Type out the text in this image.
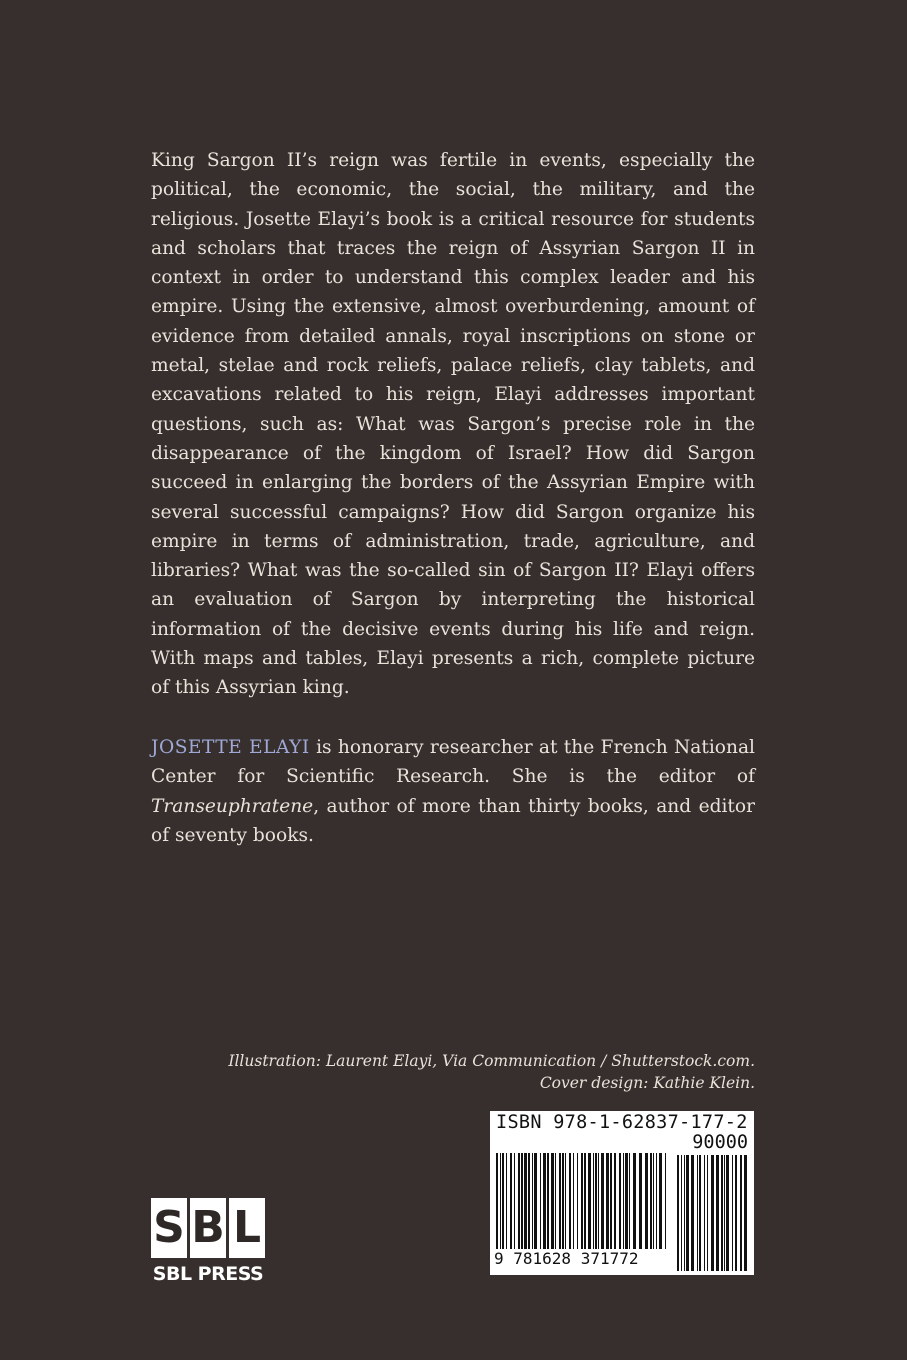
King Sargon II’s reign was fertile in events, especially the political, the economic, the social, the military, and the religious. Josette Elayi’s book is a critical resource for students and scholars that traces the reign of Assyrian Sargon II in context in order to understand this complex leader and his empire. Using the extensive, almost overburdening, amount of evidence from detailed annals, royal inscriptions on stone or metal, stelae and rock reliefs, palace reliefs, clay tablets, and excavations related to his reign, Elayi addresses important questions, such as: What was Sargon’s precise role in the disappearance of the kingdom of Israel? How did Sargon succeed in enlarging the borders of the Assyrian Empire with several successful campaigns? How did Sargon organize his empire in terms of administration, trade, agriculture, and libraries? What was the so-called sin of Sargon II? Elayi offers an evaluation of Sargon by interpreting the historical information of the decisive events during his life and reign. With maps and tables, Elayi presents a rich, complete picture of this Assyrian king.

JOSETTE ELAYI is honorary researcher at the French National Center for Scientific Research. She is the editor of Transeuphratene, author of more than thirty books, and editor of seventy books.

Illustration: Laurent Elayi, Via Communication / Shutterstock.com.
Cover design: Kathie Klein.
S B L
SBL PRESS
ISBN 978-1-62837-177-2
90000
9 781628 371772
